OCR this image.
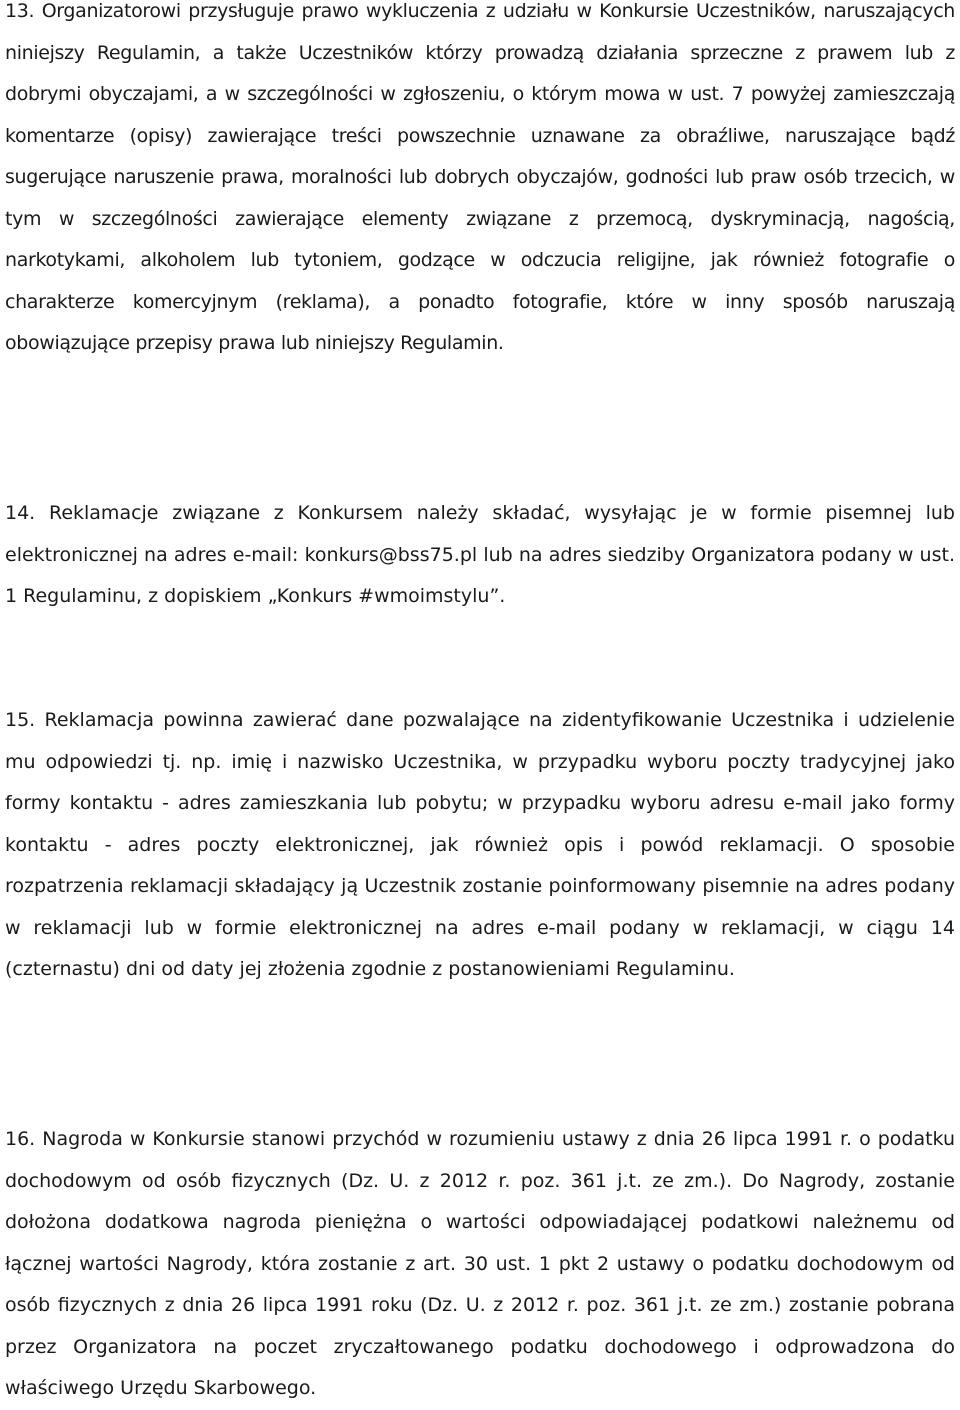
13. Organizatorowi przysługuje prawo wykluczenia z udziału w Konkursie Uczestników, naruszających niniejszy Regulamin, a także Uczestników którzy prowadzą działania sprzeczne z prawem lub z dobrymi obyczajami, a w szczególności w zgłoszeniu, o którym mowa w ust. 7 powyżej zamieszczają komentarze (opisy) zawierające treści powszechnie uznawane za obraźliwe, naruszające bądź sugerujące naruszenie prawa, moralności lub dobrych obyczajów, godności lub praw osób trzecich, w tym w szczególności zawierające elementy związane z przemocą, dyskryminacją, nagością, narkotykami, alkoholem lub tytoniem, godzące w odczucia religijne, jak również fotografie o charakterze komercyjnym (reklama), a ponadto fotografie, które w inny sposób naruszają obowiązujące przepisy prawa lub niniejszy Regulamin.

14. Reklamacje związane z Konkursem należy składać, wysyłając je w formie pisemnej lub elektronicznej na adres e-mail: konkurs@bss75.pl lub na adres siedziby Organizatora podany w ust. 1 Regulaminu, z dopiskiem „Konkurs #wmoimstylu”.

15. Reklamacja powinna zawierać dane pozwalające na zidentyfikowanie Uczestnika i udzielenie mu odpowiedzi tj. np. imię i nazwisko Uczestnika, w przypadku wyboru poczty tradycyjnej jako formy kontaktu - adres zamieszkania lub pobytu; w przypadku wyboru adresu e-mail jako formy kontaktu - adres poczty elektronicznej, jak również opis i powód reklamacji. O sposobie rozpatrzenia reklamacji składający ją Uczestnik zostanie poinformowany pisemnie na adres podany w reklamacji lub w formie elektronicznej na adres e-mail podany w reklamacji, w ciągu 14 (czternastu) dni od daty jej złożenia zgodnie z postanowieniami Regulaminu.

16. Nagroda w Konkursie stanowi przychód w rozumieniu ustawy z dnia 26 lipca 1991 r. o podatku dochodowym od osób fizycznych (Dz. U. z 2012 r. poz. 361 j.t. ze zm.). Do Nagrody, zostanie dołożona dodatkowa nagroda pieniężna o wartości odpowiadającej podatkowi należnemu od łącznej wartości Nagrody, która zostanie z art. 30 ust. 1 pkt 2 ustawy o podatku dochodowym od osób fizycznych z dnia 26 lipca 1991 roku (Dz. U. z 2012 r. poz. 361 j.t. ze zm.) zostanie pobrana przez Organizatora na poczet zryczałtowanego podatku dochodowego i odprowadzona do właściwego Urzędu Skarbowego.
